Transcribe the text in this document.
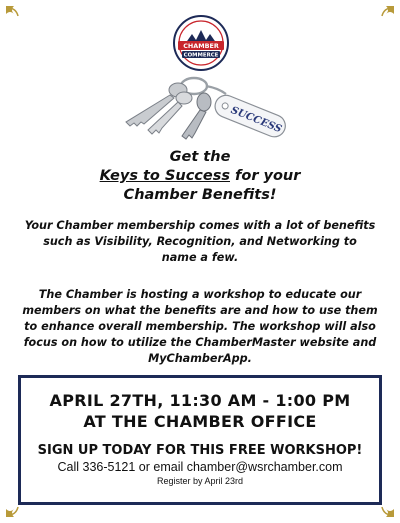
CHAMBER
COMMERCE
SUCCESS
Get the
Keys to Success for your
Chamber Benefits!
Your Chamber membership comes with a lot of benefits such as Visibility, Recognition, and Networking to name a few.
The Chamber is hosting a workshop to educate our members on what the benefits are and how to use them to enhance overall membership. The workshop will also focus on how to utilize the ChamberMaster website and MyChamberApp.
APRIL 27TH, 11:30 AM - 1:00 PM
AT THE CHAMBER OFFICE
SIGN UP TODAY FOR THIS FREE WORKSHOP!
Call 336-5121 or email chamber@wsrchamber.com
Register by April 23rd
